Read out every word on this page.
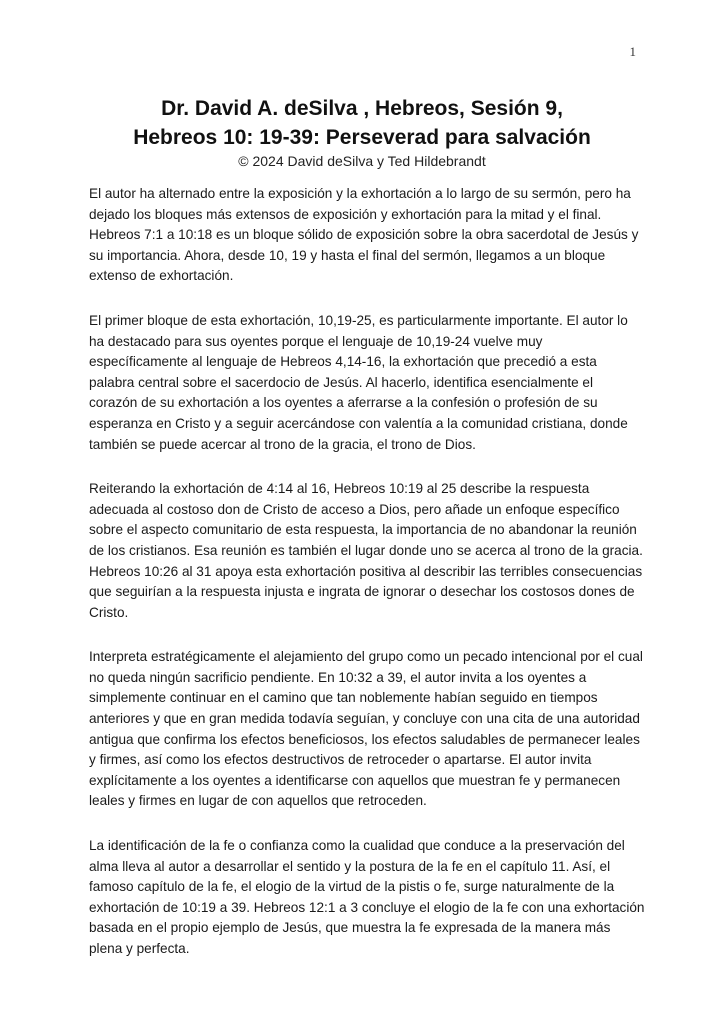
1
Dr. David A. deSilva , Hebreos, Sesión 9,
Hebreos 10: 19-39: Perseverad para salvación

© 2024 David deSilva y Ted Hildebrandt

El autor ha alternado entre la exposición y la exhortación a lo largo de su sermón, pero ha dejado los bloques más extensos de exposición y exhortación para la mitad y el final. Hebreos 7:1 a 10:18 es un bloque sólido de exposición sobre la obra sacerdotal de Jesús y su importancia. Ahora, desde 10, 19 y hasta el final del sermón, llegamos a un bloque extenso de exhortación.

El primer bloque de esta exhortación, 10,19-25, es particularmente importante. El autor lo ha destacado para sus oyentes porque el lenguaje de 10,19-24 vuelve muy específicamente al lenguaje de Hebreos 4,14-16, la exhortación que precedió a esta palabra central sobre el sacerdocio de Jesús. Al hacerlo, identifica esencialmente el corazón de su exhortación a los oyentes a aferrarse a la confesión o profesión de su esperanza en Cristo y a seguir acercándose con valentía a la comunidad cristiana, donde también se puede acercar al trono de la gracia, el trono de Dios.

Reiterando la exhortación de 4:14 al 16, Hebreos 10:19 al 25 describe la respuesta adecuada al costoso don de Cristo de acceso a Dios, pero añade un enfoque específico sobre el aspecto comunitario de esta respuesta, la importancia de no abandonar la reunión de los cristianos. Esa reunión es también el lugar donde uno se acerca al trono de la gracia. Hebreos 10:26 al 31 apoya esta exhortación positiva al describir las terribles consecuencias que seguirían a la respuesta injusta e ingrata de ignorar o desechar los costosos dones de Cristo.

Interpreta estratégicamente el alejamiento del grupo como un pecado intencional por el cual no queda ningún sacrificio pendiente. En 10:32 a 39, el autor invita a los oyentes a simplemente continuar en el camino que tan noblemente habían seguido en tiempos anteriores y que en gran medida todavía seguían, y concluye con una cita de una autoridad antigua que confirma los efectos beneficiosos, los efectos saludables de permanecer leales y firmes, así como los efectos destructivos de retroceder o apartarse. El autor invita explícitamente a los oyentes a identificarse con aquellos que muestran fe y permanecen leales y firmes en lugar de con aquellos que retroceden.

La identificación de la fe o confianza como la cualidad que conduce a la preservación del alma lleva al autor a desarrollar el sentido y la postura de la fe en el capítulo 11. Así, el famoso capítulo de la fe, el elogio de la virtud de la pistis o fe, surge naturalmente de la exhortación de 10:19 a 39. Hebreos 12:1 a 3 concluye el elogio de la fe con una exhortación basada en el propio ejemplo de Jesús, que muestra la fe expresada de la manera más plena y perfecta.
